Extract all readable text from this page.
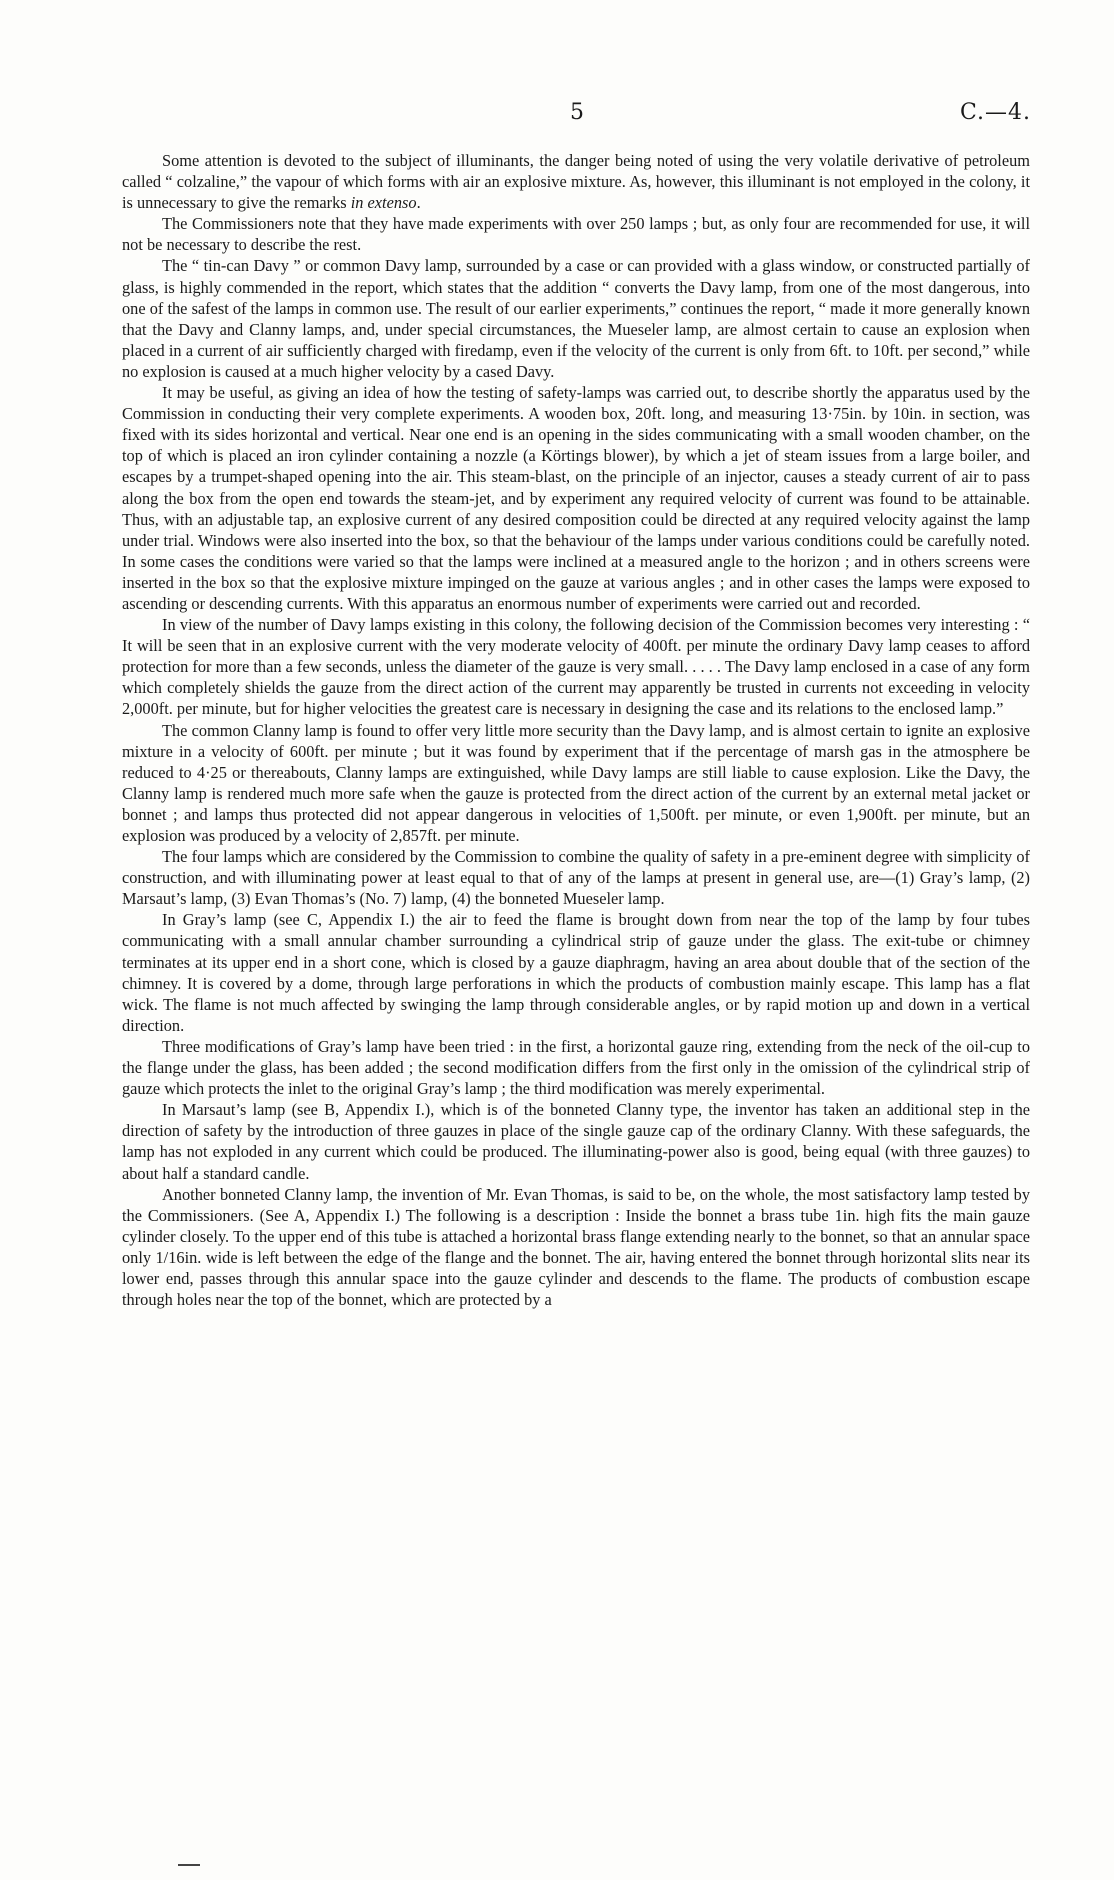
5	C.—4.

Some attention is devoted to the subject of illuminants, the danger being noted of using the very volatile derivative of petroleum called “ colzaline,” the vapour of which forms with air an explosive mixture. As, however, this illuminant is not employed in the colony, it is unnecessary to give the remarks in extenso.

The Commissioners note that they have made experiments with over 250 lamps ; but, as only four are recommended for use, it will not be necessary to describe the rest.

The “ tin-can Davy ” or common Davy lamp, surrounded by a case or can provided with a glass window, or constructed partially of glass, is highly commended in the report, which states that the addition “ converts the Davy lamp, from one of the most dangerous, into one of the safest of the lamps in common use. The result of our earlier experiments,” continues the report, “ made it more generally known that the Davy and Clanny lamps, and, under special circumstances, the Mueseler lamp, are almost certain to cause an explosion when placed in a current of air sufficiently charged with firedamp, even if the velocity of the current is only from 6ft. to 10ft. per second,” while no explosion is caused at a much higher velocity by a cased Davy.

It may be useful, as giving an idea of how the testing of safety-lamps was carried out, to describe shortly the apparatus used by the Commission in conducting their very complete experiments. A wooden box, 20ft. long, and measuring 13·75in. by 10in. in section, was fixed with its sides horizontal and vertical. Near one end is an opening in the sides communicating with a small wooden chamber, on the top of which is placed an iron cylinder containing a nozzle (a Körtings blower), by which a jet of steam issues from a large boiler, and escapes by a trumpet-shaped opening into the air. This steam-blast, on the principle of an injector, causes a steady current of air to pass along the box from the open end towards the steam-jet, and by experiment any required velocity of current was found to be attainable. Thus, with an adjustable tap, an explosive current of any desired composition could be directed at any required velocity against the lamp under trial. Windows were also inserted into the box, so that the behaviour of the lamps under various conditions could be carefully noted. In some cases the conditions were varied so that the lamps were inclined at a measured angle to the horizon ; and in others screens were inserted in the box so that the explosive mixture impinged on the gauze at various angles ; and in other cases the lamps were exposed to ascending or descending currents. With this apparatus an enormous number of experiments were carried out and recorded.

In view of the number of Davy lamps existing in this colony, the following decision of the Commission becomes very interesting : “ It will be seen that in an explosive current with the very moderate velocity of 400ft. per minute the ordinary Davy lamp ceases to afford protection for more than a few seconds, unless the diameter of the gauze is very small. . . . . The Davy lamp enclosed in a case of any form which completely shields the gauze from the direct action of the current may apparently be trusted in currents not exceeding in velocity 2,000ft. per minute, but for higher velocities the greatest care is necessary in designing the case and its relations to the enclosed lamp.”

The common Clanny lamp is found to offer very little more security than the Davy lamp, and is almost certain to ignite an explosive mixture in a velocity of 600ft. per minute ; but it was found by experiment that if the percentage of marsh gas in the atmosphere be reduced to 4·25 or thereabouts, Clanny lamps are extinguished, while Davy lamps are still liable to cause explosion. Like the Davy, the Clanny lamp is rendered much more safe when the gauze is protected from the direct action of the current by an external metal jacket or bonnet ; and lamps thus protected did not appear dangerous in velocities of 1,500ft. per minute, or even 1,900ft. per minute, but an explosion was produced by a velocity of 2,857ft. per minute.

The four lamps which are considered by the Commission to combine the quality of safety in a pre-eminent degree with simplicity of construction, and with illuminating power at least equal to that of any of the lamps at present in general use, are—(1) Gray’s lamp, (2) Marsaut’s lamp, (3) Evan Thomas’s (No. 7) lamp, (4) the bonneted Mueseler lamp.

In Gray’s lamp (see C, Appendix I.) the air to feed the flame is brought down from near the top of the lamp by four tubes communicating with a small annular chamber surrounding a cylindrical strip of gauze under the glass. The exit-tube or chimney terminates at its upper end in a short cone, which is closed by a gauze diaphragm, having an area about double that of the section of the chimney. It is covered by a dome, through large perforations in which the products of combustion mainly escape. This lamp has a flat wick. The flame is not much affected by swinging the lamp through considerable angles, or by rapid motion up and down in a vertical direction.

Three modifications of Gray’s lamp have been tried : in the first, a horizontal gauze ring, extending from the neck of the oil-cup to the flange under the glass, has been added ; the second modification differs from the first only in the omission of the cylindrical strip of gauze which protects the inlet to the original Gray’s lamp ; the third modification was merely experimental.

In Marsaut’s lamp (see B, Appendix I.), which is of the bonneted Clanny type, the inventor has taken an additional step in the direction of safety by the introduction of three gauzes in place of the single gauze cap of the ordinary Clanny. With these safeguards, the lamp has not exploded in any current which could be produced. The illuminating-power also is good, being equal (with three gauzes) to about half a standard candle.

Another bonneted Clanny lamp, the invention of Mr. Evan Thomas, is said to be, on the whole, the most satisfactory lamp tested by the Commissioners. (See A, Appendix I.) The following is a description : Inside the bonnet a brass tube 1in. high fits the main gauze cylinder closely. To the upper end of this tube is attached a horizontal brass flange extending nearly to the bonnet, so that an annular space only 1/16in. wide is left between the edge of the flange and the bonnet. The air, having entered the bonnet through horizontal slits near its lower end, passes through this annular space into the gauze cylinder and descends to the flame. The products of combustion escape through holes near the top of the bonnet, which are protected by a
